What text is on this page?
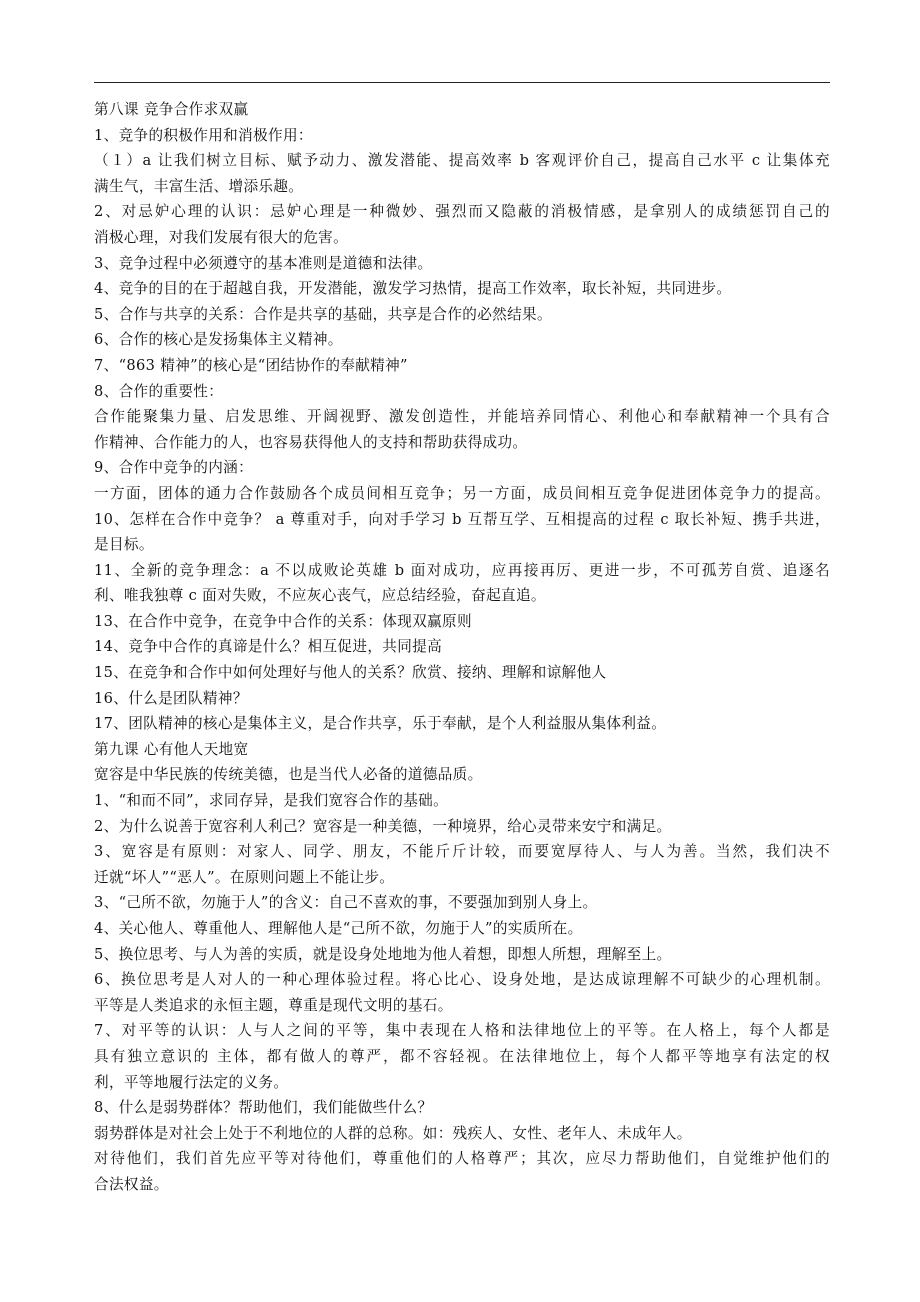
第八课 竞争合作求双赢
1、竞争的积极作用和消极作用：
（１）a 让我们树立目标、赋予动力、激发潜能、提高效率 b 客观评价自己，提高自己水平 c 让集体充
满生气，丰富生活、增添乐趣。
2、对忌妒心理的认识：忌妒心理是一种微妙、强烈而又隐蔽的消极情感，是拿别人的成绩惩罚自己的
消极心理，对我们发展有很大的危害。
3、竞争过程中必须遵守的基本准则是道德和法律。
4、竞争的目的在于超越自我，开发潜能，激发学习热情，提高工作效率，取长补短，共同进步。
5、合作与共享的关系：合作是共享的基础，共享是合作的必然结果。
6、合作的核心是发扬集体主义精神。
7、“863 精神”的核心是“团结协作的奉献精神”
8、合作的重要性：
合作能聚集力量、启发思维、开阔视野、激发创造性，并能培养同情心、利他心和奉献精神一个具有合
作精神、合作能力的人，也容易获得他人的支持和帮助获得成功。
9、合作中竞争的内涵：
一方面，团体的通力合作鼓励各个成员间相互竞争；另一方面，成员间相互竞争促进团体竞争力的提高。
10、怎样在合作中竞争？ a 尊重对手，向对手学习 b 互帮互学、互相提高的过程 c 取长补短、携手共进，
是目标。
11、全新的竞争理念：a 不以成败论英雄 b 面对成功，应再接再厉、更进一步，不可孤芳自赏、追逐名
利、唯我独尊 c 面对失败，不应灰心丧气，应总结经验，奋起直追。
13、在合作中竞争，在竞争中合作的关系：体现双赢原则
14、竞争中合作的真谛是什么？相互促进，共同提高
15、在竞争和合作中如何处理好与他人的关系？欣赏、接纳、理解和谅解他人
16、什么是团队精神？
17、团队精神的核心是集体主义，是合作共享，乐于奉献，是个人利益服从集体利益。
第九课 心有他人天地宽
宽容是中华民族的传统美德，也是当代人必备的道德品质。
1、“和而不同”，求同存异，是我们宽容合作的基础。
2、为什么说善于宽容利人利己？宽容是一种美德，一种境界，给心灵带来安宁和满足。
3、宽容是有原则：对家人、同学、朋友，不能斤斤计较，而要宽厚待人、与人为善。当然，我们决不
迁就“坏人”“恶人”。在原则问题上不能让步。
3、“己所不欲，勿施于人”的含义：自己不喜欢的事，不要强加到别人身上。
4、关心他人、尊重他人、理解他人是“己所不欲，勿施于人”的实质所在。
5、换位思考、与人为善的实质，就是设身处地地为他人着想，即想人所想，理解至上。
6、换位思考是人对人的一种心理体验过程。将心比心、设身处地，是达成谅理解不可缺少的心理机制。
平等是人类追求的永恒主题，尊重是现代文明的基石。
7、对平等的认识：人与人之间的平等，集中表现在人格和法律地位上的平等。在人格上，每个人都是
具有独立意识的 主体，都有做人的尊严，都不容轻视。在法律地位上，每个人都平等地享有法定的权
利，平等地履行法定的义务。
8、什么是弱势群体？帮助他们，我们能做些什么？
弱势群体是对社会上处于不利地位的人群的总称。如：残疾人、女性、老年人、未成年人。
对待他们，我们首先应平等对待他们，尊重他们的人格尊严；其次，应尽力帮助他们，自觉维护他们的
合法权益。
